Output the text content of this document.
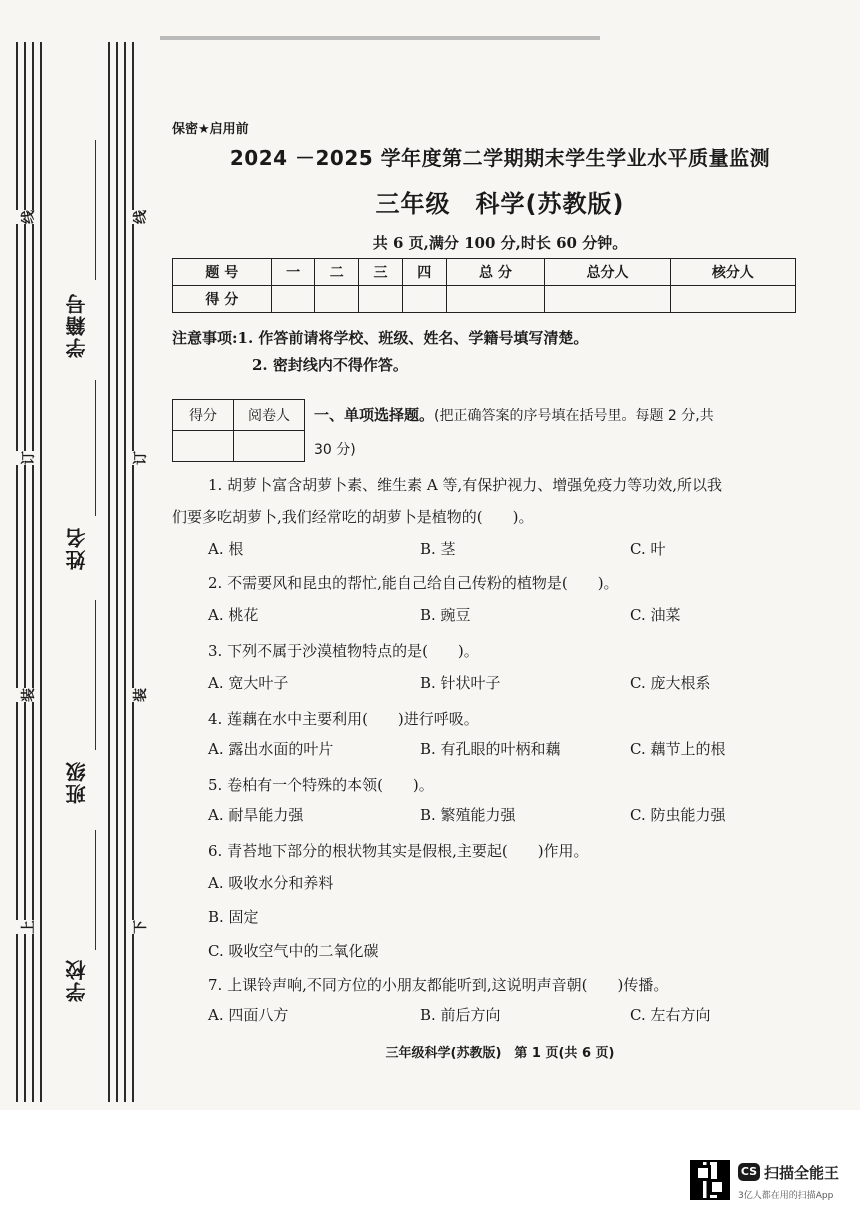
线
订
装
上
线
订
装
下
学籍号
姓名
班级
学校
保密★启用前
2024 －2025 学年度第二学期期末学生学业水平质量监测
三年级　科学(苏教版)
共 6 页,满分 100 分,时长 60 分钟。
题 号	一	二	三	四	总 分	总分人	核分人
得 分							
注意事项:1. 作答前请将学校、班级、姓名、学籍号填写清楚。
2. 密封线内不得作答。
得分	阅卷人
	一、单项选择题。(把正确答案的序号填在括号里。每题 2 分,共
30 分)
1. 胡萝卜富含胡萝卜素、维生素 A 等,有保护视力、增强免疫力等功效,所以我
们要多吃胡萝卜,我们经常吃的胡萝卜是植物的(　　)。
A. 根	B. 茎	C. 叶
2. 不需要风和昆虫的帮忙,能自己给自己传粉的植物是(　　)。
A. 桃花	B. 豌豆	C. 油菜
3. 下列不属于沙漠植物特点的是(　　)。
A. 宽大叶子	B. 针状叶子	C. 庞大根系
4. 莲藕在水中主要利用(　　)进行呼吸。
A. 露出水面的叶片	B. 有孔眼的叶柄和藕	C. 藕节上的根
5. 卷柏有一个特殊的本领(　　)。
A. 耐旱能力强	B. 繁殖能力强	C. 防虫能力强
6. 青苔地下部分的根状物其实是假根,主要起(　　)作用。
A. 吸收水分和养料
B. 固定
C. 吸收空气中的二氧化碳
7. 上课铃声响,不同方位的小朋友都能听到,这说明声音朝(　　)传播。
A. 四面八方	B. 前后方向	C. 左右方向
三年级科学(苏教版)　第 1 页(共 6 页)
CS 扫描全能王
3亿人都在用的扫描App
